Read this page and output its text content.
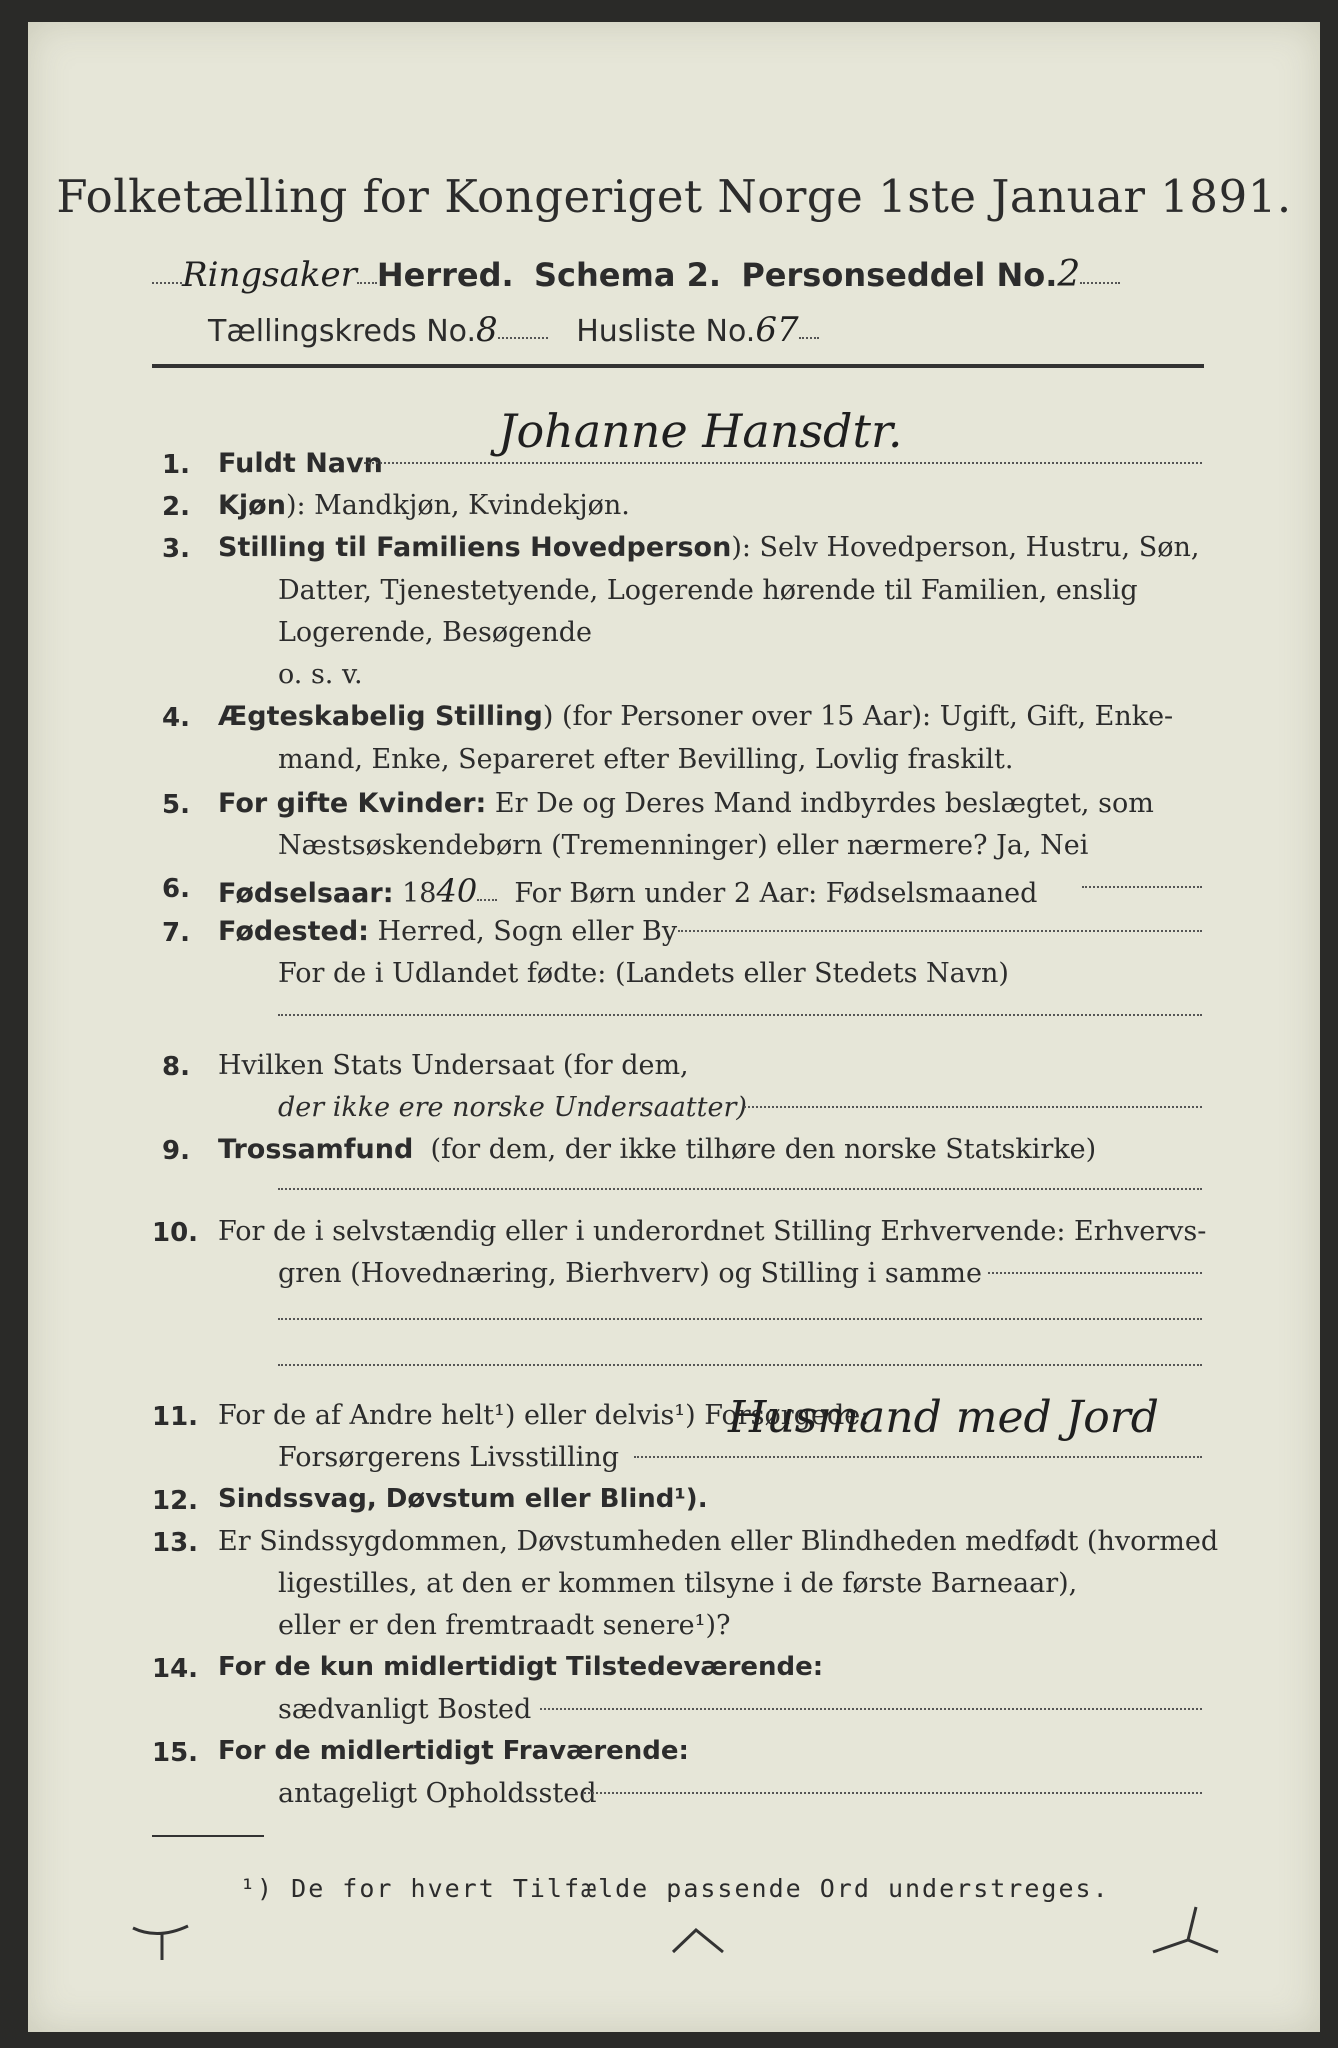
Folketælling for Kongeriget Norge 1ste Januar 1891.
Ringsaker Herred. Schema 2. Personseddel No.2
Tællingskreds No.8	Husliste No.67
1. Fuldt Navn
Johanne Hansdtr.
2. Kjøn): Mandkjøn, Kvindekjøn.
3. Stilling til Familiens Hovedperson): Selv Hovedperson, Hustru, Søn,
Datter, Tjenestetyende, Logerende hørende til Familien, enslig
Logerende, Besøgende
o. s. v.
4. Ægteskabelig Stilling) (for Personer over 15 Aar): Ugift, Gift, Enke-
mand, Enke, Separeret efter Bevilling, Lovlig fraskilt.
5. For gifte Kvinder: Er De og Deres Mand indbyrdes beslægtet, som
Næstsøskendebørn (Tremenninger) eller nærmere? Ja, Nei
6. Fødselsaar: 1840 For Børn under 2 Aar: Fødselsmaaned
7. Fødested: Herred, Sogn eller By
For de i Udlandet fødte: (Landets eller Stedets Navn)
8. Hvilken Stats Undersaat (for dem,
der ikke ere norske Undersaatter)
9. Trossamfund (for dem, der ikke tilhøre den norske Statskirke)
10. For de i selvstændig eller i underordnet Stilling Erhvervende: Erhvervs-
gren (Hovednæring, Bierhverv) og Stilling i samme
11. For de af Andre helt¹) eller delvis¹) Forsørgede:
Forsørgerens Livsstilling
Husmand med Jord
12. Sindssvag, Døvstum eller Blind¹).
13. Er Sindssygdommen, Døvstumheden eller Blindheden medfødt (hvormed
ligestilles, at den er kommen tilsyne i de første Barneaar),
eller er den fremtraadt senere¹)?
14. For de kun midlertidigt Tilstedeværende:
sædvanligt Bosted
15. For de midlertidigt Fraværende:
antageligt Opholdssted
¹) De for hvert Tilfælde passende Ord understreges.
